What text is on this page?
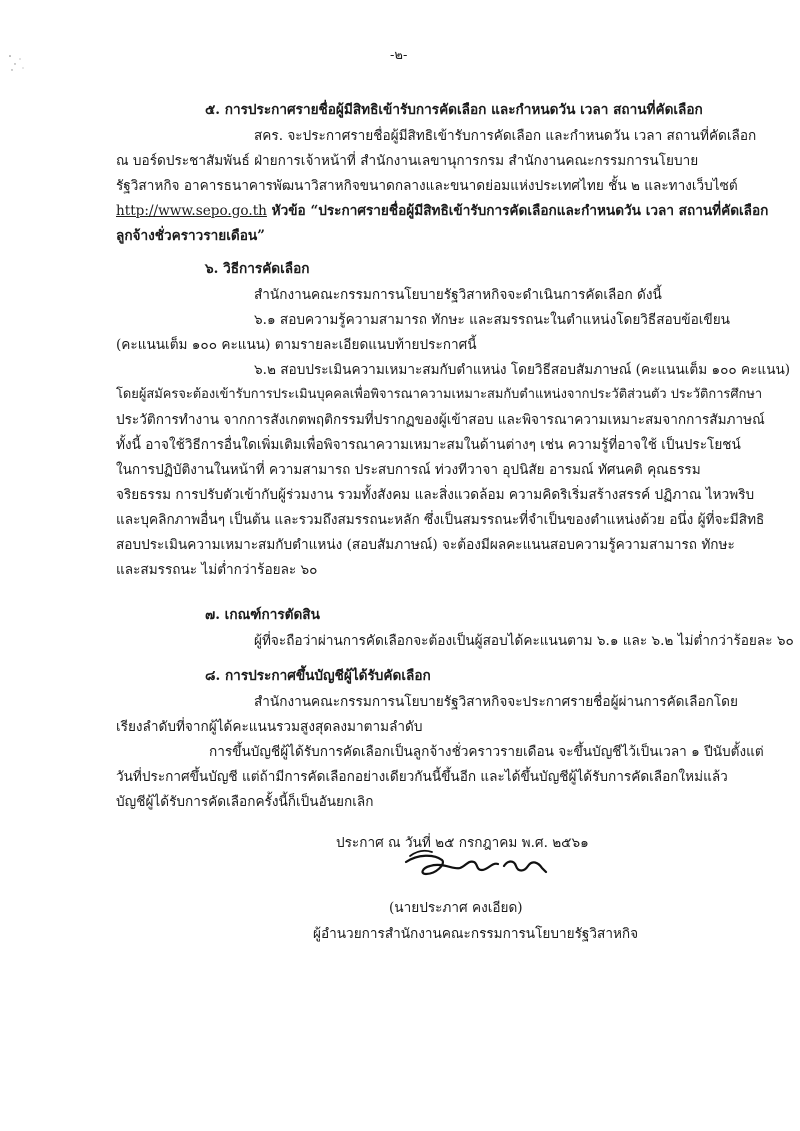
-๒-
๕. การประกาศรายชื่อผู้มีสิทธิเข้ารับการคัดเลือก และกำหนดวัน เวลา สถานที่คัดเลือก
สคร. จะประกาศรายชื่อผู้มีสิทธิเข้ารับการคัดเลือก และกำหนดวัน เวลา สถานที่คัดเลือก
ณ บอร์ดประชาสัมพันธ์ ฝ่ายการเจ้าหน้าที่ สำนักงานเลขานุการกรม สำนักงานคณะกรรมการนโยบาย
รัฐวิสาหกิจ อาคารธนาคารพัฒนาวิสาหกิจขนาดกลางและขนาดย่อมแห่งประเทศไทย ชั้น ๒ และทางเว็บไซต์
http://www.sepo.go.th หัวข้อ “ประกาศรายชื่อผู้มีสิทธิเข้ารับการคัดเลือกและกำหนดวัน เวลา สถานที่คัดเลือก
ลูกจ้างชั่วคราวรายเดือน”
๖. วิธีการคัดเลือก
สำนักงานคณะกรรมการนโยบายรัฐวิสาหกิจจะดำเนินการคัดเลือก ดังนี้
๖.๑ สอบความรู้ความสามารถ ทักษะ และสมรรถนะในตำแหน่งโดยวิธีสอบข้อเขียน
(คะแนนเต็ม ๑๐๐ คะแนน) ตามรายละเอียดแนบท้ายประกาศนี้
๖.๒ สอบประเมินความเหมาะสมกับตำแหน่ง โดยวิธีสอบสัมภาษณ์ (คะแนนเต็ม ๑๐๐ คะแนน)
โดยผู้สมัครจะต้องเข้ารับการประเมินบุคคลเพื่อพิจารณาความเหมาะสมกับตำแหน่งจากประวัติส่วนตัว ประวัติการศึกษา
ประวัติการทำงาน จากการสังเกตพฤติกรรมที่ปรากฏของผู้เข้าสอบ และพิจารณาความเหมาะสมจากการสัมภาษณ์
ทั้งนี้ อาจใช้วิธีการอื่นใดเพิ่มเติมเพื่อพิจารณาความเหมาะสมในด้านต่างๆ เช่น ความรู้ที่อาจใช้ เป็นประโยชน์
ในการปฏิบัติงานในหน้าที่ ความสามารถ ประสบการณ์ ท่วงทีวาจา อุปนิสัย อารมณ์ ทัศนคติ คุณธรรม
จริยธรรม การปรับตัวเข้ากับผู้ร่วมงาน รวมทั้งสังคม และสิ่งแวดล้อม ความคิดริเริ่มสร้างสรรค์ ปฏิภาณ ไหวพริบ
และบุคลิกภาพอื่นๆ เป็นต้น และรวมถึงสมรรถนะหลัก ซึ่งเป็นสมรรถนะที่จำเป็นของตำแหน่งด้วย อนึ่ง ผู้ที่จะมีสิทธิ
สอบประเมินความเหมาะสมกับตำแหน่ง (สอบสัมภาษณ์) จะต้องมีผลคะแนนสอบความรู้ความสามารถ ทักษะ
และสมรรถนะ ไม่ต่ำกว่าร้อยละ ๖๐
๗. เกณฑ์การตัดสิน
ผู้ที่จะถือว่าผ่านการคัดเลือกจะต้องเป็นผู้สอบได้คะแนนตาม ๖.๑ และ ๖.๒ ไม่ต่ำกว่าร้อยละ ๖๐
๘. การประกาศขึ้นบัญชีผู้ได้รับคัดเลือก
สำนักงานคณะกรรมการนโยบายรัฐวิสาหกิจจะประกาศรายชื่อผู้ผ่านการคัดเลือกโดย
เรียงลำดับที่จากผู้ได้คะแนนรวมสูงสุดลงมาตามลำดับ
การขึ้นบัญชีผู้ได้รับการคัดเลือกเป็นลูกจ้างชั่วคราวรายเดือน จะขึ้นบัญชีไว้เป็นเวลา ๑ ปีนับตั้งแต่
วันที่ประกาศขึ้นบัญชี แต่ถ้ามีการคัดเลือกอย่างเดียวกันนี้ขึ้นอีก และได้ขึ้นบัญชีผู้ได้รับการคัดเลือกใหม่แล้ว
บัญชีผู้ได้รับการคัดเลือกครั้งนี้ก็เป็นอันยกเลิก
ประกาศ ณ วันที่ ๒๕ กรกฎาคม พ.ศ. ๒๕๖๑
(นายประภาศ คงเอียด)
ผู้อำนวยการสำนักงานคณะกรรมการนโยบายรัฐวิสาหกิจ
